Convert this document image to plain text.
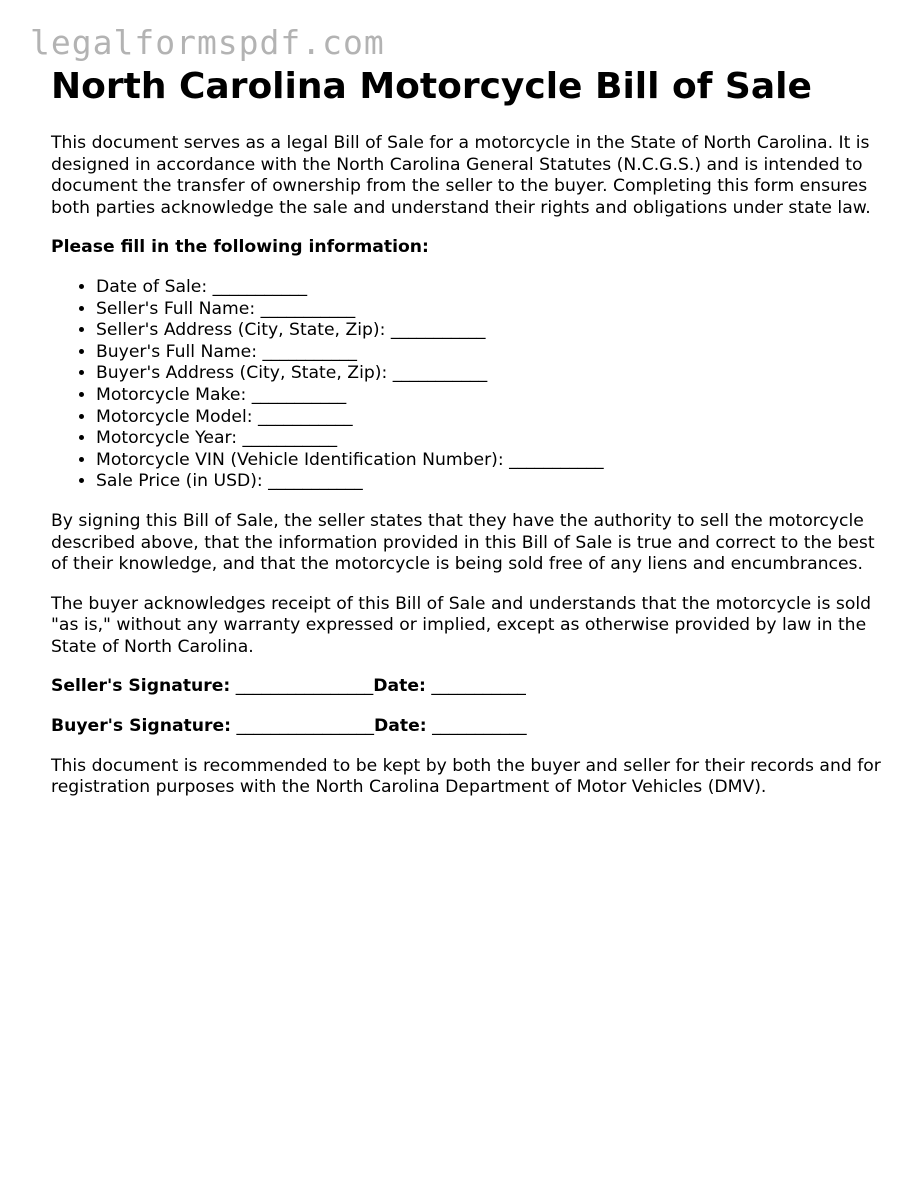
legalformspdf.com
North Carolina Motorcycle Bill of Sale

This document serves as a legal Bill of Sale for a motorcycle in the State of North Carolina. It is designed in accordance with the North Carolina General Statutes (N.C.G.S.) and is intended to document the transfer of ownership from the seller to the buyer. Completing this form ensures both parties acknowledge the sale and understand their rights and obligations under state law.

Please fill in the following information:

• Date of Sale: ___________
• Seller's Full Name: ___________
• Seller's Address (City, State, Zip): ___________
• Buyer's Full Name: ___________
• Buyer's Address (City, State, Zip): ___________
• Motorcycle Make: ___________
• Motorcycle Model: ___________
• Motorcycle Year: ___________
• Motorcycle VIN (Vehicle Identification Number): ___________
• Sale Price (in USD): ___________

By signing this Bill of Sale, the seller states that they have the authority to sell the motorcycle described above, that the information provided in this Bill of Sale is true and correct to the best of their knowledge, and that the motorcycle is being sold free of any liens and encumbrances.

The buyer acknowledges receipt of this Bill of Sale and understands that the motorcycle is sold "as is," without any warranty expressed or implied, except as otherwise provided by law in the State of North Carolina.

Seller's Signature: ________________Date: ___________

Buyer's Signature: ________________Date: ___________

This document is recommended to be kept by both the buyer and seller for their records and for registration purposes with the North Carolina Department of Motor Vehicles (DMV).
